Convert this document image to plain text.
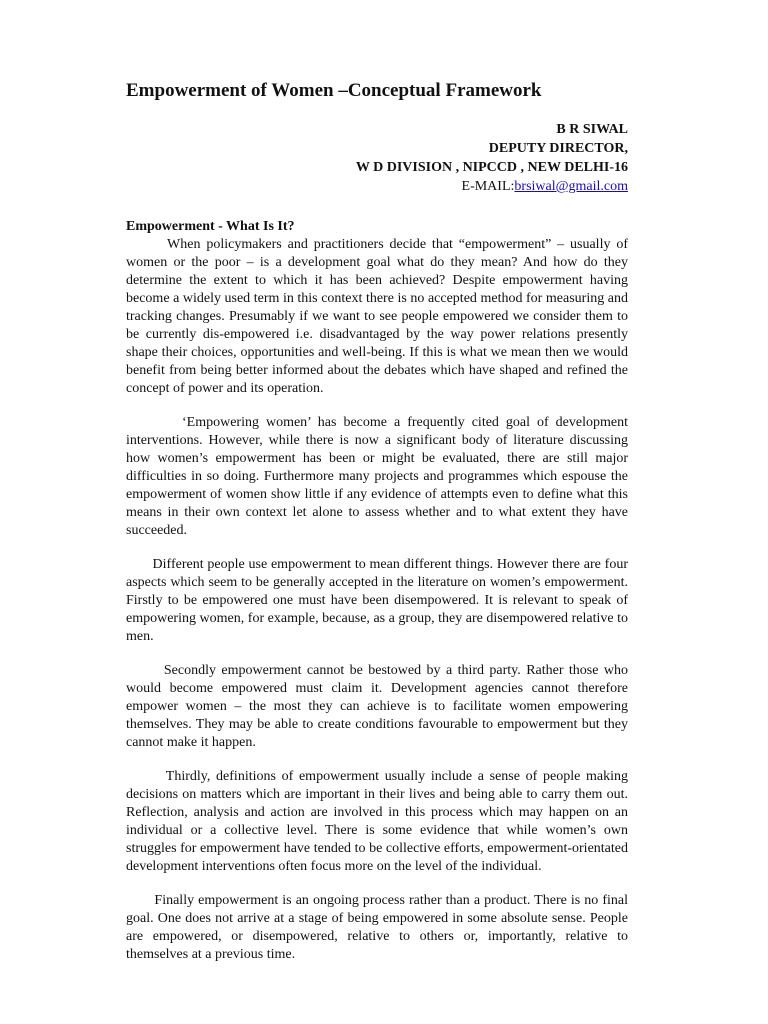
Empowerment of Women –Conceptual Framework
B R SIWAL
DEPUTY DIRECTOR,
W D DIVISION , NIPCCD , NEW DELHI-16
E-MAIL:brsiwal@gmail.com
Empowerment - What Is It?

When policymakers and practitioners decide that “empowerment” – usually of women or the poor – is a development goal what do they mean? And how do they determine the extent to which it has been achieved? Despite empowerment having become a widely used term in this context there is no accepted method for measuring and tracking changes. Presumably if we want to see people empowered we consider them to be currently dis-empowered i.e. disadvantaged by the way power relations presently shape their choices, opportunities and well-being. If this is what we mean then we would benefit from being better informed about the debates which have shaped and refined the concept of power and its operation.

‘Empowering women’ has become a frequently cited goal of development interventions. However, while there is now a significant body of literature discussing how women’s empowerment has been or might be evaluated, there are still major difficulties in so doing. Furthermore many projects and programmes which espouse the empowerment of women show little if any evidence of attempts even to define what this means in their own context let alone to assess whether and to what extent they have succeeded.

Different people use empowerment to mean different things. However there are four aspects which seem to be generally accepted in the literature on women’s empowerment. Firstly to be empowered one must have been disempowered. It is relevant to speak of empowering women, for example, because, as a group, they are disempowered relative to men.

Secondly empowerment cannot be bestowed by a third party. Rather those who would become empowered must claim it. Development agencies cannot therefore empower women – the most they can achieve is to facilitate women empowering themselves. They may be able to create conditions favourable to empowerment but they cannot make it happen.

Thirdly, definitions of empowerment usually include a sense of people making decisions on matters which are important in their lives and being able to carry them out. Reflection, analysis and action are involved in this process which may happen on an individual or a collective level. There is some evidence that while women’s own struggles for empowerment have tended to be collective efforts, empowerment-orientated development interventions often focus more on the level of the individual.

Finally empowerment is an ongoing process rather than a product. There is no final goal. One does not arrive at a stage of being empowered in some absolute sense. People are empowered, or disempowered, relative to others or, importantly, relative to themselves at a previous time.
